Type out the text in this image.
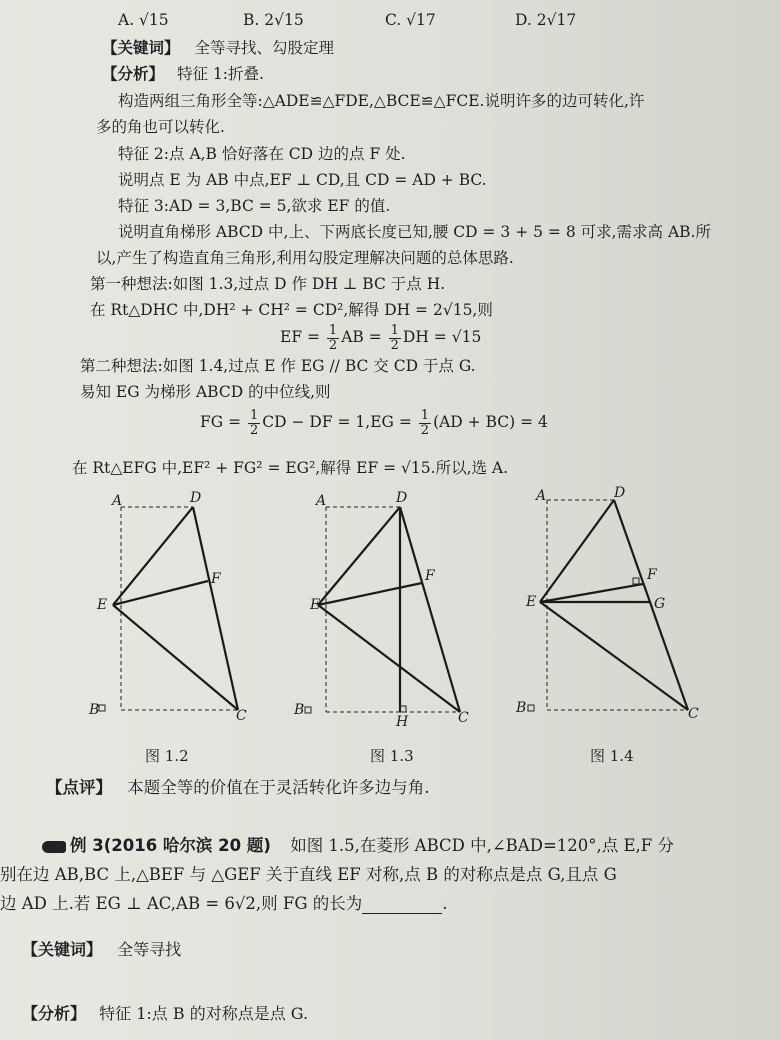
A. √15	B. 2√15	C. √17	D. 2√17
【关键词】 全等寻找、勾股定理
【分析】 特征 1:折叠.
构造两组三角形全等:△ADE≌△FDE,△BCE≌△FCE.说明许多的边可转化,许
多的角也可以转化.
特征 2:点 A,B 恰好落在 CD 边的点 F 处.
说明点 E 为 AB 中点,EF ⊥ CD,且 CD = AD + BC.
特征 3:AD = 3,BC = 5,欲求 EF 的值.
说明直角梯形 ABCD 中,上、下两底长度已知,腰 CD = 3 + 5 = 8 可求,需求高 AB.所
以,产生了构造直角三角形,利用勾股定理解决问题的总体思路.
第一种想法:如图 1.3,过点 D 作 DH ⊥ BC 于点 H.
在 Rt△DHC 中,DH² + CH² = CD²,解得 DH = 2√15,则
EF = $\frac{1}{2}$ AB = $\frac{1}{2}$ DH = √15
第二种想法:如图 1.4,过点 E 作 EG // BC 交 CD 于点 G.
易知 EG 为梯形 ABCD 的中位线,则
FG = $\frac{1}{2}$ CD − DF = $1,EG = \frac{1}{2} (AD + BC) = 4$
在 Rt△EFG 中,EF² + FG² = EG²,解得 EF = √15.所以,选 A.
A	D
E
F
B	C
图 1.2
A	D
E
F
B
H	C
图 1.3
A	D
E
F
G
B	C
图 1.4
【点评】 本题全等的价值在于灵活转化许多边与角.
例 3(2016 哈尔滨 20 题) 如图 1.5,在菱形 ABCD 中,∠BAD=120°,点 E,F 分
别在边 AB,BC 上,△BEF 与 △GEF 关于直线 EF 对称,点 B 的对称点是点 G,且点 G
边 AD 上.若 EG ⊥ AC,AB = 6√2,则 FG 的长为	.
【关键词】 全等寻找
【分析】 特征 1:点 B 的对称点是点 G.
